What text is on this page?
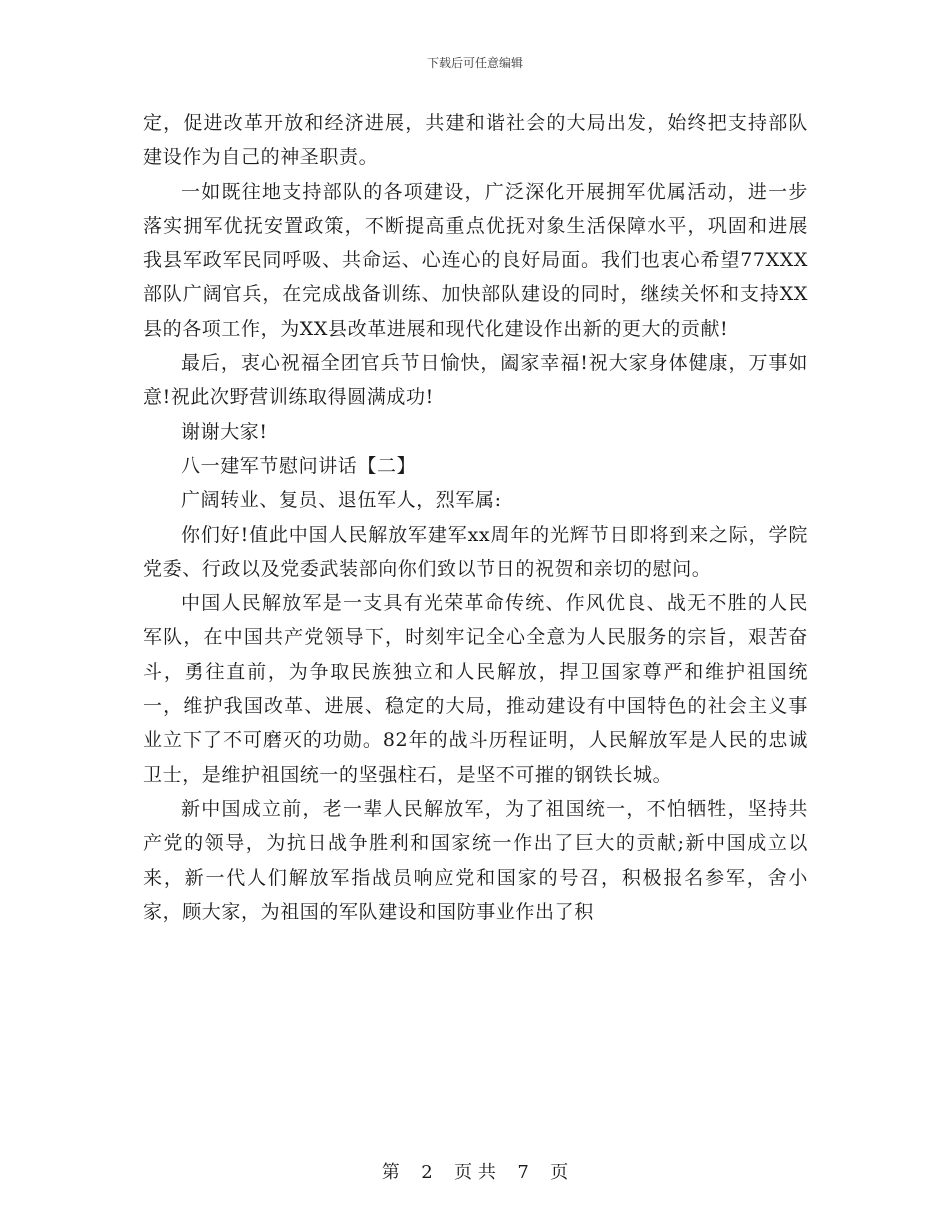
下载后可任意编辑

定，促进改革开放和经济进展，共建和谐社会的大局出发，始终把支持部队建设作为自己的神圣职责。

一如既往地支持部队的各项建设，广泛深化开展拥军优属活动，进一步落实拥军优抚安置政策，不断提高重点优抚对象生活保障水平，巩固和进展我县军政军民同呼吸、共命运、心连心的良好局面。我们也衷心希望77XXX部队广阔官兵，在完成战备训练、加快部队建设的同时，继续关怀和支持XX县的各项工作，为XX县改革进展和现代化建设作出新的更大的贡献!

最后，衷心祝福全团官兵节日愉快，阖家幸福!祝大家身体健康，万事如意!祝此次野营训练取得圆满成功!

谢谢大家!

八一建军节慰问讲话【二】

广阔转业、复员、退伍军人，烈军属:

你们好!值此中国人民解放军建军xx周年的光辉节日即将到来之际，学院党委、行政以及党委武装部向你们致以节日的祝贺和亲切的慰问。

中国人民解放军是一支具有光荣革命传统、作风优良、战无不胜的人民军队，在中国共产党领导下，时刻牢记全心全意为人民服务的宗旨，艰苦奋斗，勇往直前，为争取民族独立和人民解放，捍卫国家尊严和维护祖国统一，维护我国改革、进展、稳定的大局，推动建设有中国特色的社会主义事业立下了不可磨灭的功勋。82年的战斗历程证明，人民解放军是人民的忠诚卫士，是维护祖国统一的坚强柱石，是坚不可摧的钢铁长城。

新中国成立前，老一辈人民解放军，为了祖国统一，不怕牺牲，坚持共产党的领导，为抗日战争胜利和国家统一作出了巨大的贡献;新中国成立以来，新一代人们解放军指战员响应党和国家的号召，积极报名参军，舍小家，顾大家，为祖国的军队建设和国防事业作出了积

第 2 页 共 7 页
